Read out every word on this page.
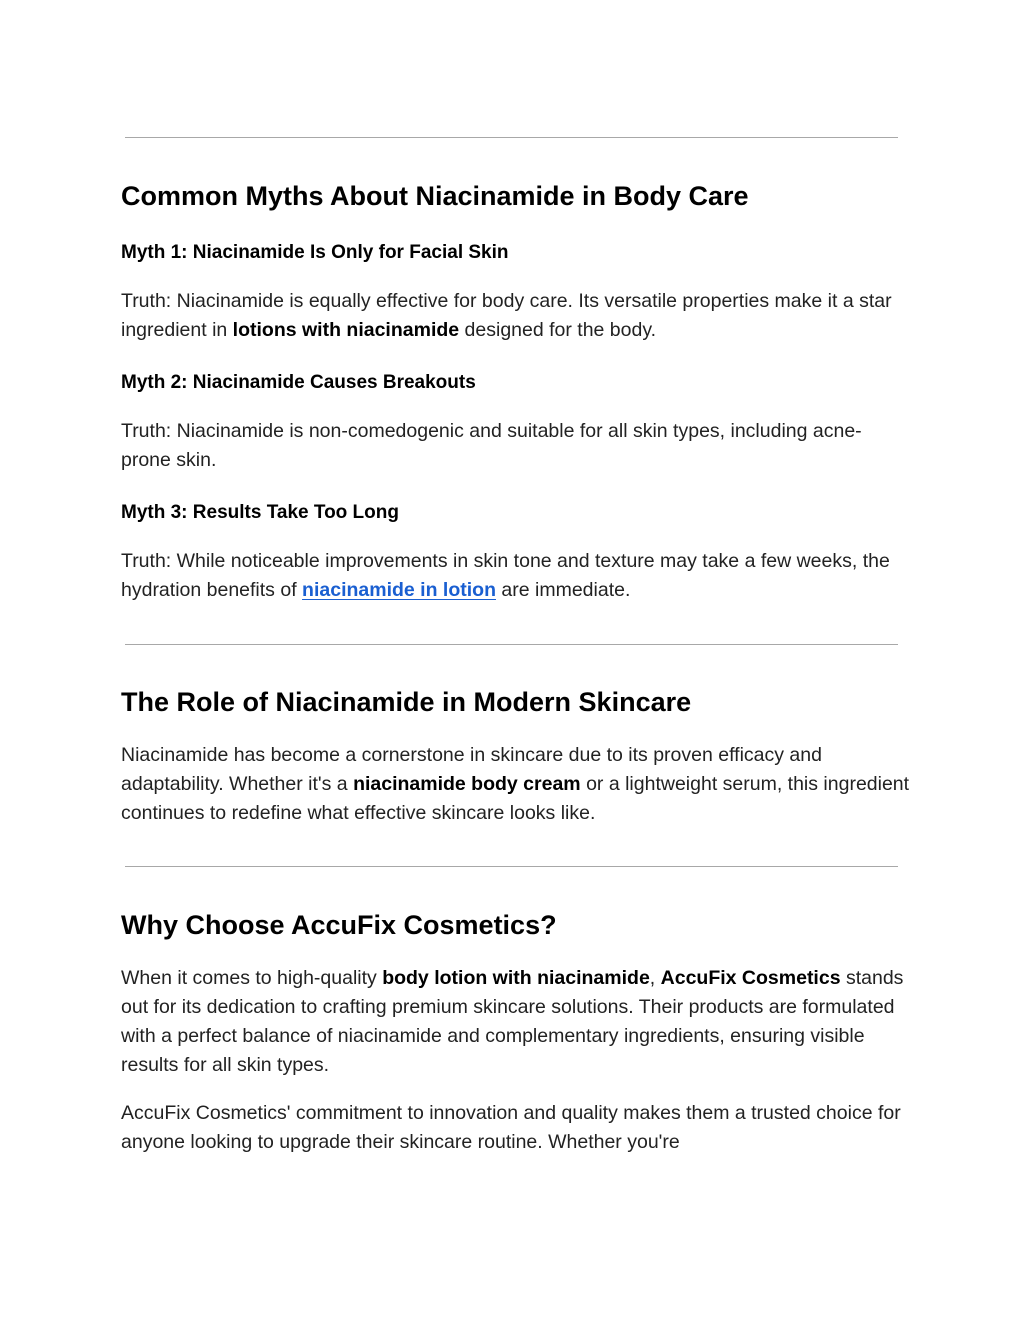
Common Myths About Niacinamide in Body Care
Myth 1: Niacinamide Is Only for Facial Skin

Truth: Niacinamide is equally effective for body care. Its versatile properties make it a star ingredient in lotions with niacinamide designed for the body.

Myth 2: Niacinamide Causes Breakouts

Truth: Niacinamide is non-comedogenic and suitable for all skin types, including acne-prone skin.

Myth 3: Results Take Too Long

Truth: While noticeable improvements in skin tone and texture may take a few weeks, the hydration benefits of niacinamide in lotion are immediate.

The Role of Niacinamide in Modern Skincare

Niacinamide has become a cornerstone in skincare due to its proven efficacy and adaptability. Whether it's a niacinamide body cream or a lightweight serum, this ingredient continues to redefine what effective skincare looks like.

Why Choose AccuFix Cosmetics?

When it comes to high-quality body lotion with niacinamide, AccuFix Cosmetics stands out for its dedication to crafting premium skincare solutions. Their products are formulated with a perfect balance of niacinamide and complementary ingredients, ensuring visible results for all skin types.

AccuFix Cosmetics' commitment to innovation and quality makes them a trusted choice for anyone looking to upgrade their skincare routine. Whether you're
